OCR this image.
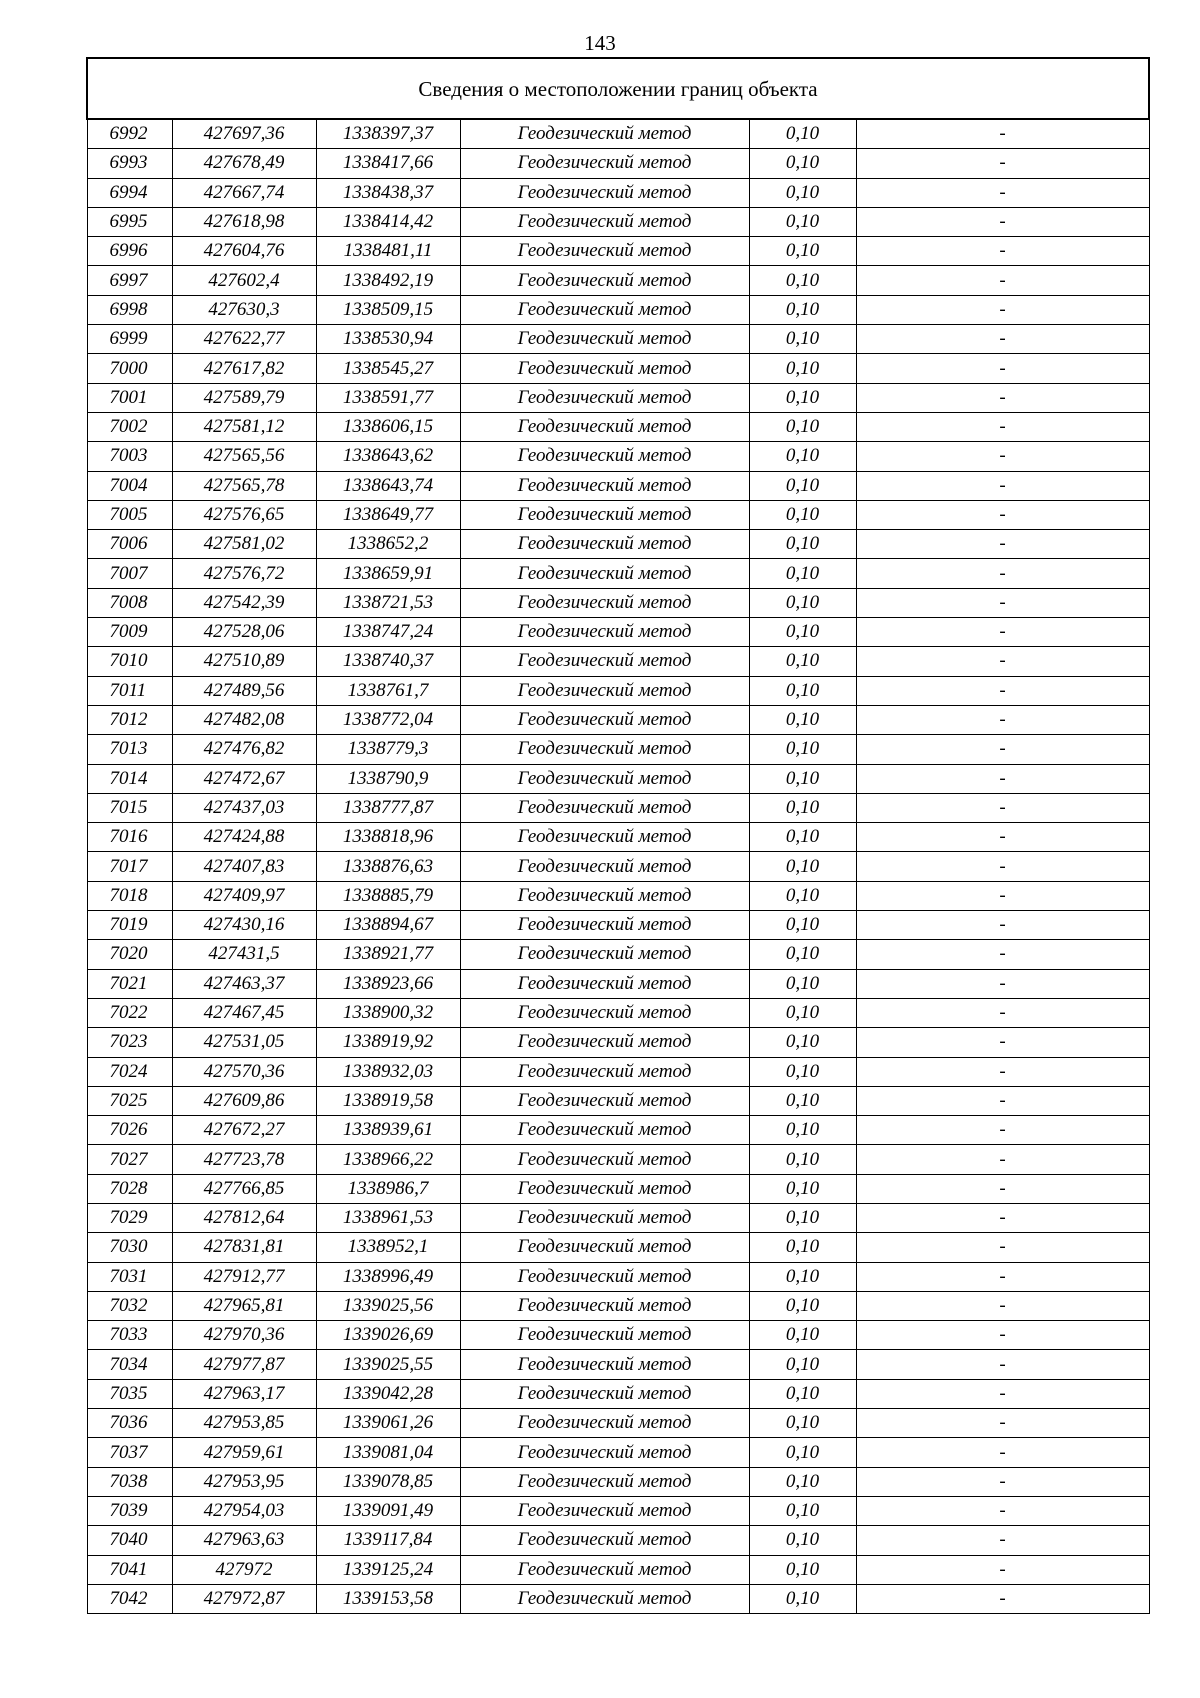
143
Сведения о местоположении границ объекта					
6992	427697,36	1338397,37	Геодезический метод	0,10	-
6993	427678,49	1338417,66	Геодезический метод	0,10	-
6994	427667,74	1338438,37	Геодезический метод	0,10	-
6995	427618,98	1338414,42	Геодезический метод	0,10	-
6996	427604,76	1338481,11	Геодезический метод	0,10	-
6997	427602,4	1338492,19	Геодезический метод	0,10	-
6998	427630,3	1338509,15	Геодезический метод	0,10	-
6999	427622,77	1338530,94	Геодезический метод	0,10	-
7000	427617,82	1338545,27	Геодезический метод	0,10	-
7001	427589,79	1338591,77	Геодезический метод	0,10	-
7002	427581,12	1338606,15	Геодезический метод	0,10	-
7003	427565,56	1338643,62	Геодезический метод	0,10	-
7004	427565,78	1338643,74	Геодезический метод	0,10	-
7005	427576,65	1338649,77	Геодезический метод	0,10	-
7006	427581,02	1338652,2	Геодезический метод	0,10	-
7007	427576,72	1338659,91	Геодезический метод	0,10	-
7008	427542,39	1338721,53	Геодезический метод	0,10	-
7009	427528,06	1338747,24	Геодезический метод	0,10	-
7010	427510,89	1338740,37	Геодезический метод	0,10	-
7011	427489,56	1338761,7	Геодезический метод	0,10	-
7012	427482,08	1338772,04	Геодезический метод	0,10	-
7013	427476,82	1338779,3	Геодезический метод	0,10	-
7014	427472,67	1338790,9	Геодезический метод	0,10	-
7015	427437,03	1338777,87	Геодезический метод	0,10	-
7016	427424,88	1338818,96	Геодезический метод	0,10	-
7017	427407,83	1338876,63	Геодезический метод	0,10	-
7018	427409,97	1338885,79	Геодезический метод	0,10	-
7019	427430,16	1338894,67	Геодезический метод	0,10	-
7020	427431,5	1338921,77	Геодезический метод	0,10	-
7021	427463,37	1338923,66	Геодезический метод	0,10	-
7022	427467,45	1338900,32	Геодезический метод	0,10	-
7023	427531,05	1338919,92	Геодезический метод	0,10	-
7024	427570,36	1338932,03	Геодезический метод	0,10	-
7025	427609,86	1338919,58	Геодезический метод	0,10	-
7026	427672,27	1338939,61	Геодезический метод	0,10	-
7027	427723,78	1338966,22	Геодезический метод	0,10	-
7028	427766,85	1338986,7	Геодезический метод	0,10	-
7029	427812,64	1338961,53	Геодезический метод	0,10	-
7030	427831,81	1338952,1	Геодезический метод	0,10	-
7031	427912,77	1338996,49	Геодезический метод	0,10	-
7032	427965,81	1339025,56	Геодезический метод	0,10	-
7033	427970,36	1339026,69	Геодезический метод	0,10	-
7034	427977,87	1339025,55	Геодезический метод	0,10	-
7035	427963,17	1339042,28	Геодезический метод	0,10	-
7036	427953,85	1339061,26	Геодезический метод	0,10	-
7037	427959,61	1339081,04	Геодезический метод	0,10	-
7038	427953,95	1339078,85	Геодезический метод	0,10	-
7039	427954,03	1339091,49	Геодезический метод	0,10	-
7040	427963,63	1339117,84	Геодезический метод	0,10	-
7041	427972	1339125,24	Геодезический метод	0,10	-
7042	427972,87	1339153,58	Геодезический метод	0,10	-
